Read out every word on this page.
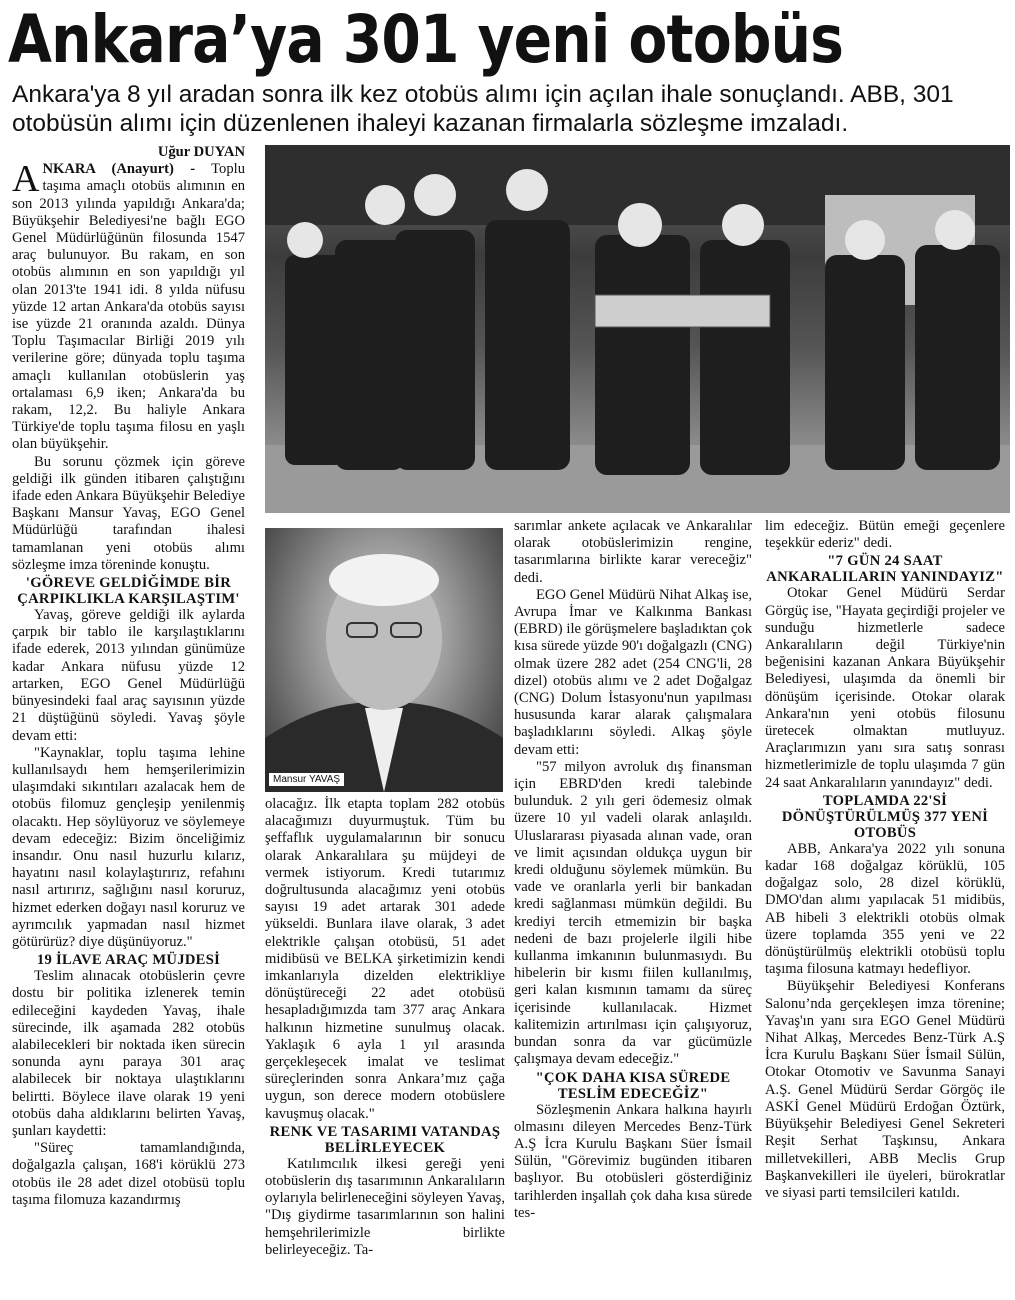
Ankara’ya 301 yeni otobüs
Ankara'ya 8 yıl aradan sonra ilk kez otobüs alımı için açılan ihale sonuçlandı. ABB, 301 otobüsün alımı için düzenlenen ihaleyi kazanan firmalarla sözleşme imzaladı.

Uğur DUYAN

ANKARA (Anayurt) - Toplu taşıma amaçlı otobüs alımının en son 2013 yılında yapıldığı Ankara'da; Büyükşehir Belediyesi'ne bağlı EGO Genel Müdürlüğünün filosunda 1547 araç bulunuyor. Bu rakam, en son otobüs alımının en son yapıldığı yıl olan 2013'te 1941 idi. 8 yılda nüfusu yüzde 12 artan Ankara'da otobüs sayısı ise yüzde 21 oranında azaldı. Dünya Toplu Taşımacılar Birliği 2019 yılı verilerine göre; dünyada toplu taşıma amaçlı kullanılan otobüslerin yaş ortalaması 6,9 iken; Ankara'da bu rakam, 12,2. Bu haliyle Ankara Türkiye'de toplu taşıma filosu en yaşlı olan büyükşehir.

Bu sorunu çözmek için göreve geldiği ilk günden itibaren çalıştığını ifade eden Ankara Büyükşehir Belediye Başkanı Mansur Yavaş, EGO Genel Müdürlüğü tarafından ihalesi tamamlanan yeni otobüs alımı sözleşme imza töreninde konuştu.

'GÖREVE GELDİĞİMDE BİR ÇARPIKLIKLA KARŞILAŞTIM'

Yavaş, göreve geldiği ilk aylarda çarpık bir tablo ile karşılaştıklarını ifade ederek, 2013 yılından günümüze kadar Ankara nüfusu yüzde 12 artarken, EGO Genel Müdürlüğü bünyesindeki faal araç sayısının yüzde 21 düştüğünü söyledi. Yavaş şöyle devam etti:

"Kaynaklar, toplu taşıma lehine kullanılsaydı hem hemşerilerimizin ulaşımdaki sıkıntıları azalacak hem de otobüs filomuz gençleşip yenilenmiş olacaktı. Hep söylüyoruz ve söylemeye devam edeceğiz: Bizim önceliğimiz insandır. Onu nasıl huzurlu kılarız, hayatını nasıl kolaylaştırırız, refahını nasıl artırırız, sağlığını nasıl koruruz, hizmet ederken doğayı nasıl koruruz ve ayrımcılık yapmadan nasıl hizmet götürürüz? diye düşünüyoruz."

19 İLAVE ARAÇ MÜJDESİ

Teslim alınacak otobüslerin çevre dostu bir politika izlenerek temin edileceğini kaydeden Yavaş, ihale sürecinde, ilk aşamada 282 otobüs alabilecekleri bir noktada iken sürecin sonunda aynı paraya 301 araç alabilecek bir noktaya ulaştıklarını belirtti. Böylece ilave olarak 19 yeni otobüs daha aldıklarını belirten Yavaş, şunları kaydetti:

"Süreç tamamlandığında, doğalgazla çalışan, 168'i körüklü 273 otobüs ile 28 adet dizel otobüsü toplu taşıma filomuza kazandırmış

Mansur YAVAŞ

olacağız. İlk etapta toplam 282 otobüs alacağımızı duyurmuştuk. Tüm bu şeffaflık uygulamalarının bir sonucu olarak Ankaralılara şu müjdeyi de vermek istiyorum. Kredi tutarımız doğrultusunda alacağımız yeni otobüs sayısı 19 adet artarak 301 adede yükseldi. Bunlara ilave olarak, 3 adet elektrikle çalışan otobüsü, 51 adet midibüsü ve BELKA şirketimizin kendi imkanlarıyla dizelden elektrikliye dönüştüreceği 22 adet otobüsü hesapladığımızda tam 377 araç Ankara halkının hizmetine sunulmuş olacak. Yaklaşık 6 ayla 1 yıl arasında gerçekleşecek imalat ve teslimat süreçlerinden sonra Ankara’mız çağa uygun, son derece modern otobüslere kavuşmuş olacak."

RENK VE TASARIMI VATANDAŞ BELİRLEYECEK

Katılımcılık ilkesi gereği yeni otobüslerin dış tasarımının Ankaralıların oylarıyla belirleneceğini söyleyen Yavaş, "Dış giydirme tasarımlarının son halini hemşehrilerimizle birlikte belirleyeceğiz. Ta-

sarımlar ankete açılacak ve Ankaralılar olarak otobüslerimizin rengine, tasarımlarına birlikte karar vereceğiz" dedi.

EGO Genel Müdürü Nihat Alkaş ise, Avrupa İmar ve Kalkınma Bankası (EBRD) ile görüşmelere başladıktan çok kısa sürede yüzde 90'ı doğalgazlı (CNG) olmak üzere 282 adet (254 CNG'li, 28 dizel) otobüs alımı ve 2 adet Doğalgaz (CNG) Dolum İstasyonu'nun yapılması hususunda karar alarak çalışmalara başladıklarını söyledi. Alkaş şöyle devam etti:

"57 milyon avroluk dış finansman için EBRD'den kredi talebinde bulunduk. 2 yılı geri ödemesiz olmak üzere 10 yıl vadeli olarak anlaşıldı. Uluslararası piyasada alınan vade, oran ve limit açısından oldukça uygun bir kredi olduğunu söylemek mümkün. Bu vade ve oranlarla yerli bir bankadan kredi sağlanması mümkün değildi. Bu krediyi tercih etmemizin bir başka nedeni de bazı projelerle ilgili hibe kullanma imkanının bulunmasıydı. Bu hibelerin bir kısmı fiilen kullanılmış, geri kalan kısmının tamamı da süreç içerisinde kullanılacak. Hizmet kalitemizin artırılması için çalışıyoruz, bundan sonra da var gücümüzle çalışmaya devam edeceğiz."

"ÇOK DAHA KISA SÜREDE TESLİM EDECEĞİZ"

Sözleşmenin Ankara halkına hayırlı olmasını dileyen Mercedes Benz-Türk A.Ş İcra Kurulu Başkanı Süer İsmail Sülün, "Görevimiz bugünden itibaren başlıyor. Bu otobüsleri gösterdiğiniz tarihlerden inşallah çok daha kısa sürede tes-

lim edeceğiz. Bütün emeği geçenlere teşekkür ederiz" dedi.

"7 GÜN 24 SAAT ANKARALILARIN YANINDAYIZ"

Otokar Genel Müdürü Serdar Görgüç ise, "Hayata geçirdiği projeler ve sunduğu hizmetlerle sadece Ankaralıların değil Türkiye'nin beğenisini kazanan Ankara Büyükşehir Belediyesi, ulaşımda da önemli bir dönüşüm içerisinde. Otokar olarak Ankara'nın yeni otobüs filosunu üretecek olmaktan mutluyuz. Araçlarımızın yanı sıra satış sonrası hizmetlerimizle de toplu ulaşımda 7 gün 24 saat Ankaralıların yanındayız" dedi.

TOPLAMDA 22'Sİ DÖNÜŞTÜRÜLMÜŞ 377 YENİ OTOBÜS

ABB, Ankara'ya 2022 yılı sonuna kadar 168 doğalgaz körüklü, 105 doğalgaz solo, 28 dizel körüklü, DMO'dan alımı yapılacak 51 midibüs, AB hibeli 3 elektrikli otobüs olmak üzere toplamda 355 yeni ve 22 dönüştürülmüş elektrikli otobüsü toplu taşıma filosuna katmayı hedefliyor.

Büyükşehir Belediyesi Konferans Salonu’nda gerçekleşen imza törenine; Yavaş'ın yanı sıra EGO Genel Müdürü Nihat Alkaş, Mercedes Benz-Türk A.Ş İcra Kurulu Başkanı Süer İsmail Sülün, Otokar Otomotiv ve Savunma Sanayi A.Ş. Genel Müdürü Serdar Görgöç ile ASKİ Genel Müdürü Erdoğan Öztürk, Büyükşehir Belediyesi Genel Sekreteri Reşit Serhat Taşkınsu, Ankara milletvekilleri, ABB Meclis Grup Başkanvekilleri ile üyeleri, bürokratlar ve siyasi parti temsilcileri katıldı.
